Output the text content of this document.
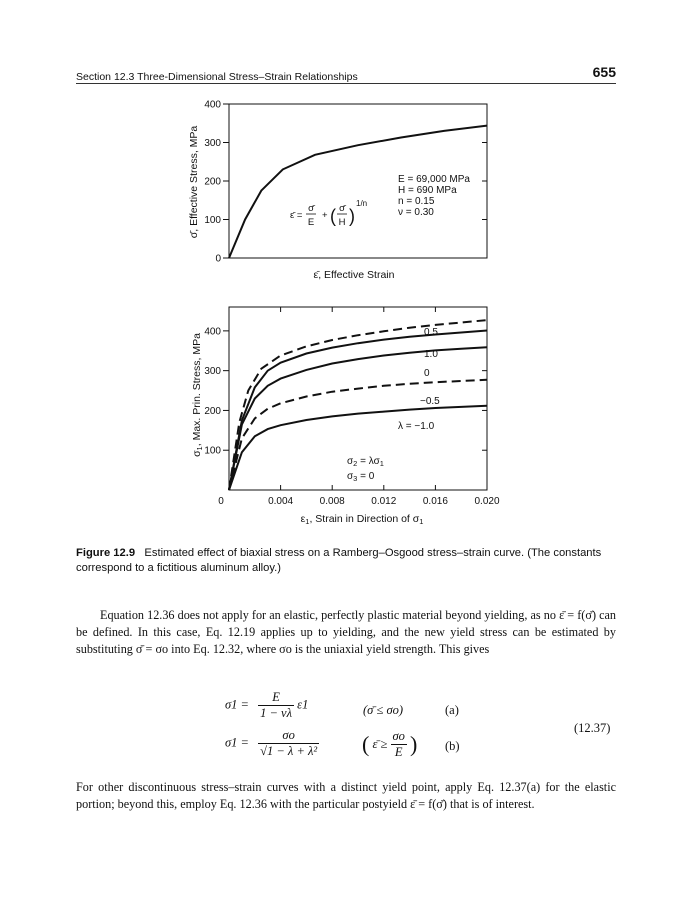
Section 12.3 Three-Dimensional Stress–Strain Relationships	655
0
100
200
300
400
σ̄, Effective Stress, MPa
ε̄, Effective Strain
ε̄ =
σ̄
E
+ ( σ̄
H )
1/n
E = 69,000 MPa
H = 690 MPa
n = 0.15
ν = 0.30
100
200
300
400
0	0.004	0.008	0.012	0.016	0.020
0.5
1.0
0
−0.5
λ = −1.0
σ1, Max. Prin. Stress, MPa
ε1, Strain in Direction of σ1
$\sigma_2 = \lambda\sigma_1$
$\sigma_3 = 0$
Figure 12.9 Estimated effect of biaxial stress on a Ramberg–Osgood stress–strain curve. (The constants correspond to a fictitious aluminum alloy.)
Equation 12.36 does not apply for an elastic, perfectly plastic material beyond yielding, as no ε̄ = f(σ̄) can be defined. In this case, Eq. 12.19 applies up to yielding, and the new yield stress can be estimated by substituting σ̄ = σo into Eq. 12.32, where σo is the uniaxial yield strength. This gives
$\sigma 1 = \frac{E}{1 - \nu\lambda} \varepsilon 1$	(σ̄ ≤ σo)	(a)
$\sigma 1 = \frac{\sigma o}{\text{√1 − λ + λ²}}$ ( ε̄ ≥ $\frac{\sigma o}{E}$ ) (b)
(12.37)
For other discontinuous stress–strain curves with a distinct yield point, apply Eq. 12.37(a) for the elastic portion; beyond this, employ Eq. 12.36 with the particular postyield ε̄ = f(σ̄) that is of interest.
